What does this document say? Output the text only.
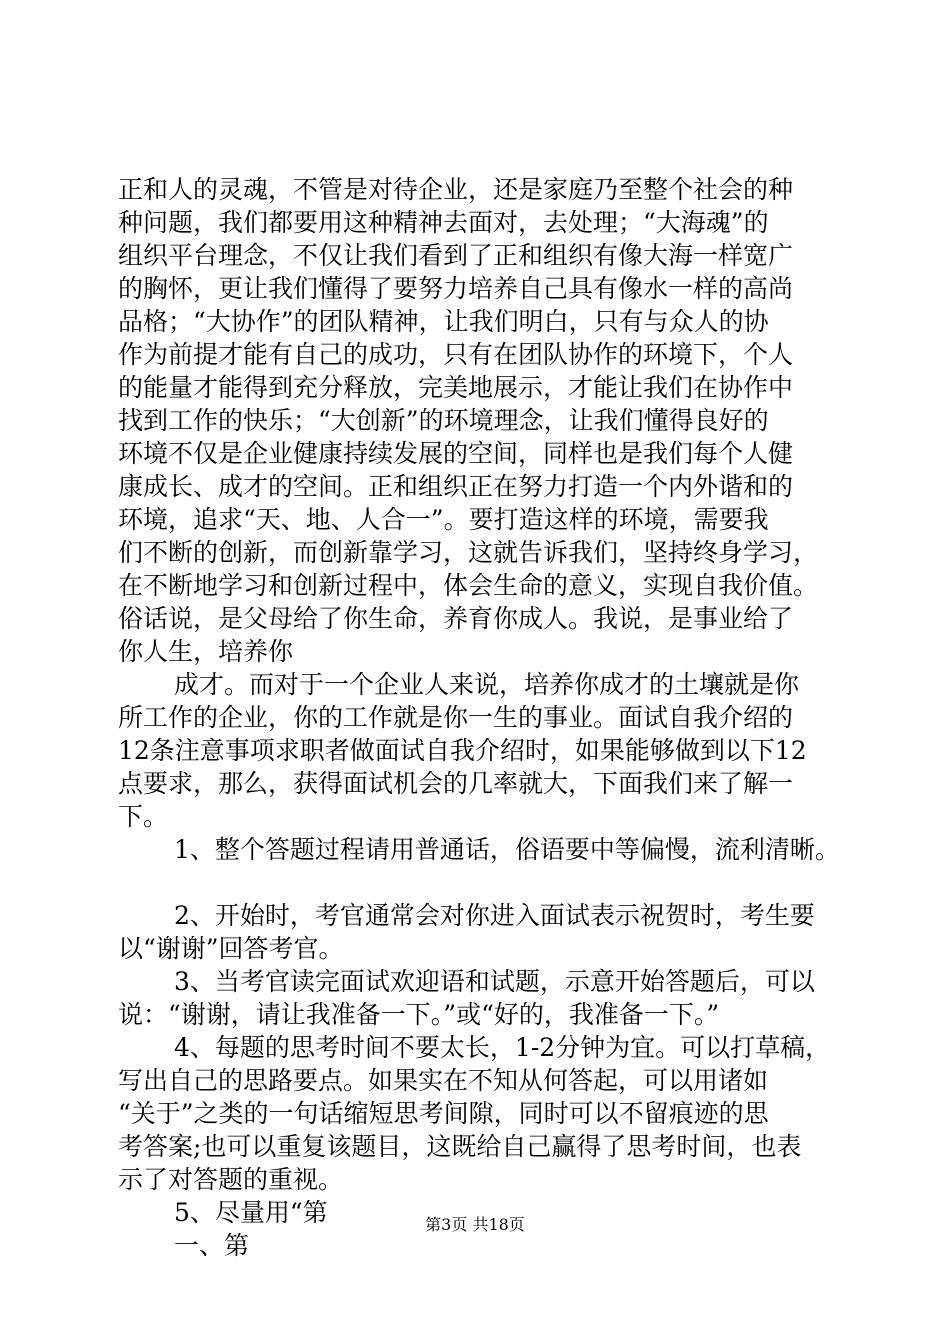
正和人的灵魂，不管是对待企业，还是家庭乃至整个社会的种
种问题，我们都要用这种精神去面对，去处理；“大海魂”的
组织平台理念，不仅让我们看到了正和组织有像大海一样宽广
的胸怀，更让我们懂得了要努力培养自己具有像水一样的高尚
品格；“大协作”的团队精神，让我们明白，只有与众人的协
作为前提才能有自己的成功，只有在团队协作的环境下，个人
的能量才能得到充分释放，完美地展示，才能让我们在协作中
找到工作的快乐；“大创新”的环境理念，让我们懂得良好的
环境不仅是企业健康持续发展的空间，同样也是我们每个人健
康成长、成才的空间。正和组织正在努力打造一个内外谐和的
环境，追求“天、地、人合一”。要打造这样的环境，需要我
们不断的创新，而创新靠学习，这就告诉我们，坚持终身学习，
在不断地学习和创新过程中，体会生命的意义，实现自我价值。
俗话说，是父母给了你生命，养育你成人。我说，是事业给了
你人生，培养你
成才。而对于一个企业人来说，培养你成才的土壤就是你
所工作的企业，你的工作就是你一生的事业。面试自我介绍的
12条注意事项求职者做面试自我介绍时，如果能够做到以下12
点要求，那么，获得面试机会的几率就大，下面我们来了解一
下。
1、整个答题过程请用普通话，俗语要中等偏慢，流利清晰。
2、开始时，考官通常会对你进入面试表示祝贺时，考生要
以“谢谢”回答考官。
3、当考官读完面试欢迎语和试题，示意开始答题后，可以
说：“谢谢，请让我准备一下。”或“好的，我准备一下。”
4、每题的思考时间不要太长，1-2分钟为宜。可以打草稿，
写出自己的思路要点。如果实在不知从何答起，可以用诸如
“关于”之类的一句话缩短思考间隙，同时可以不留痕迹的思
考答案;也可以重复该题目，这既给自己赢得了思考时间，也表
示了对答题的重视。
5、尽量用“第
一、第
第3页 共18页
